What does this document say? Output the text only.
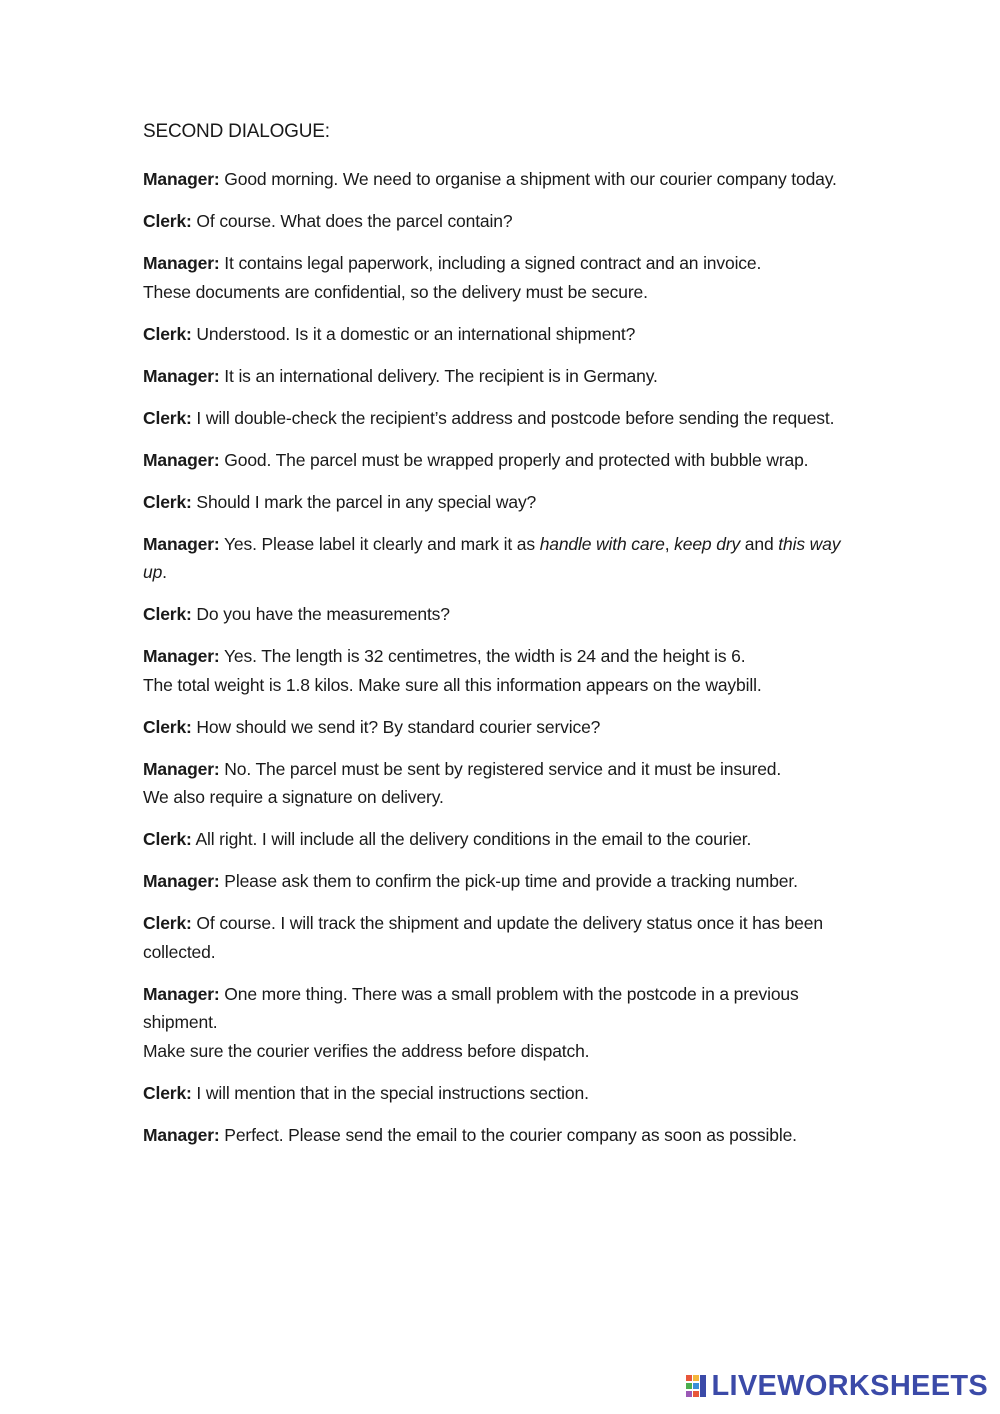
SECOND DIALOGUE:

Manager: Good morning. We need to organise a shipment with our courier company today.

Clerk: Of course. What does the parcel contain?

Manager: It contains legal paperwork, including a signed contract and an invoice.
These documents are confidential, so the delivery must be secure.

Clerk: Understood. Is it a domestic or an international shipment?

Manager: It is an international delivery. The recipient is in Germany.

Clerk: I will double-check the recipient’s address and postcode before sending the request.

Manager: Good. The parcel must be wrapped properly and protected with bubble wrap.

Clerk: Should I mark the parcel in any special way?

Manager: Yes. Please label it clearly and mark it as handle with care, keep dry and this way up.

Clerk: Do you have the measurements?

Manager: Yes. The length is 32 centimetres, the width is 24 and the height is 6.
The total weight is 1.8 kilos. Make sure all this information appears on the waybill.

Clerk: How should we send it? By standard courier service?

Manager: No. The parcel must be sent by registered service and it must be insured.
We also require a signature on delivery.

Clerk: All right. I will include all the delivery conditions in the email to the courier.

Manager: Please ask them to confirm the pick-up time and provide a tracking number.

Clerk: Of course. I will track the shipment and update the delivery status once it has been collected.

Manager: One more thing. There was a small problem with the postcode in a previous shipment.
Make sure the courier verifies the address before dispatch.

Clerk: I will mention that in the special instructions section.

Manager: Perfect. Please send the email to the courier company as soon as possible.

LIVEWORKSHEETS
